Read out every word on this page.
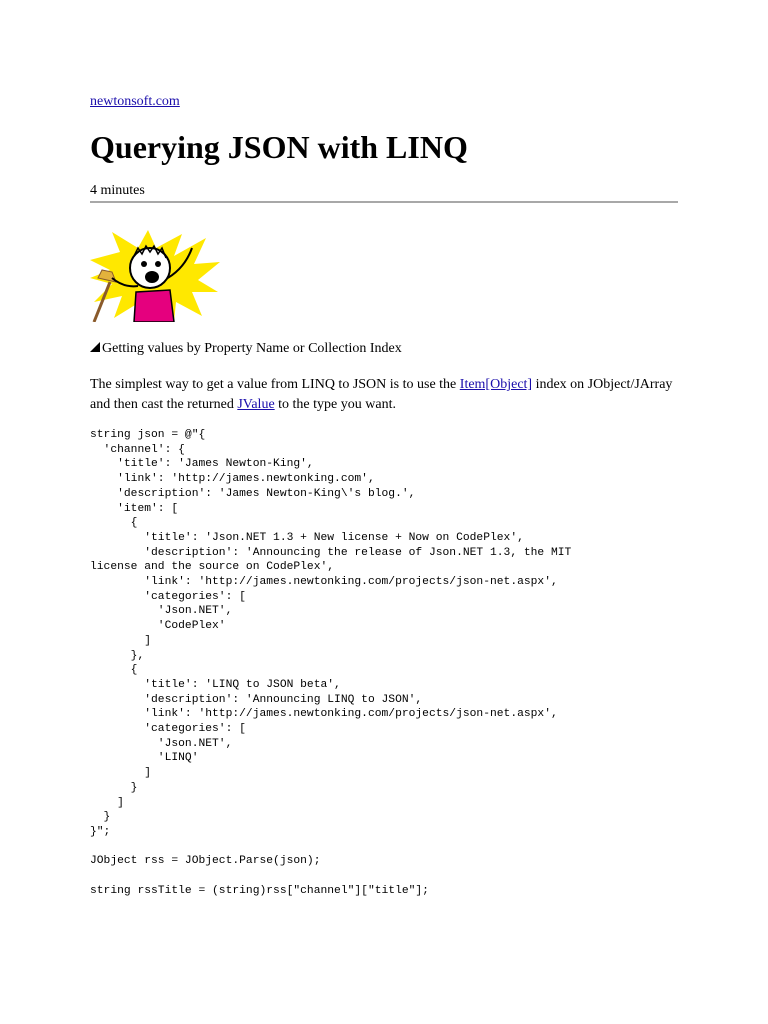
newtonsoft.com
Querying JSON with LINQ
4 minutes
Getting values by Property Name or Collection Index

The simplest way to get a value from LINQ to JSON is to use the Item[Object] index on JObject/JArray and then cast the returned JValue to the type you want.

string json = @"{
'channel': {
'title': 'James Newton-King',
'link': 'http://james.newtonking.com',
'description': 'James Newton-King\'s blog.',
'item': [
{
'title': 'Json.NET 1.3 + New license + Now on CodePlex',
'description': 'Announcing the release of Json.NET 1.3, the MIT
license and the source on CodePlex',
'link': 'http://james.newtonking.com/projects/json-net.aspx',
'categories': [
'Json.NET',
'CodePlex'
]
},
{
'title': 'LINQ to JSON beta',
'description': 'Announcing LINQ to JSON',
'link': 'http://james.newtonking.com/projects/json-net.aspx',
'categories': [
'Json.NET',
'LINQ'
]
}
]
}
}";
JObject rss = JObject.Parse(json);
string rssTitle = (string)rss["channel"]["title"];
